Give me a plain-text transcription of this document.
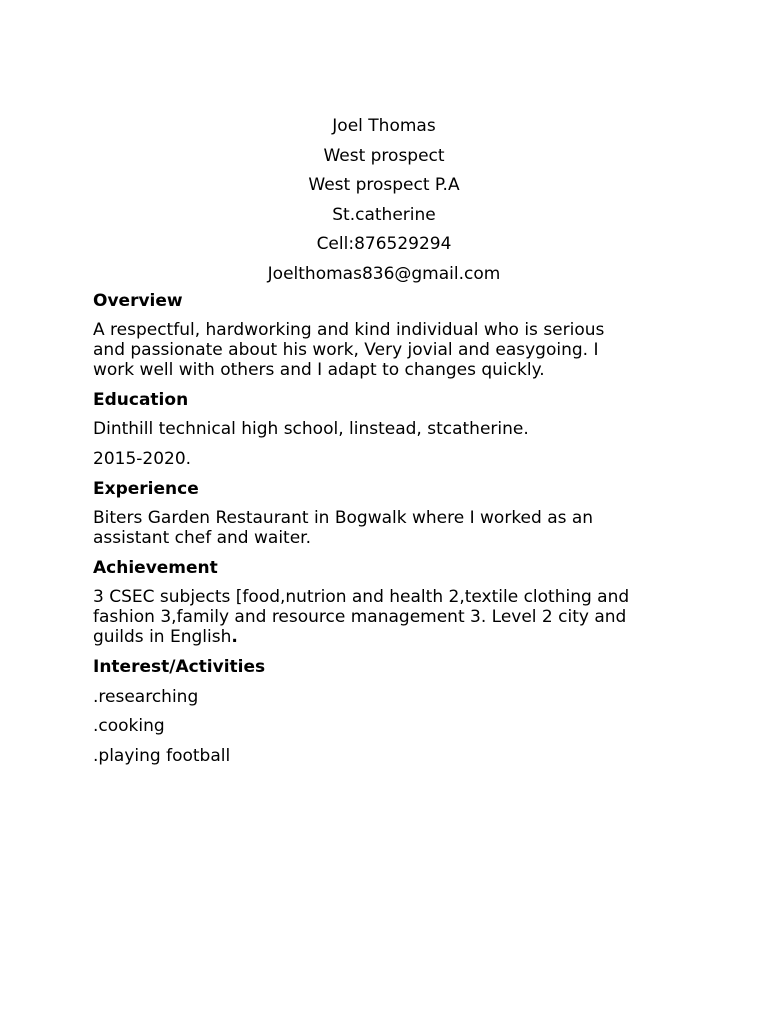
Joel Thomas

West prospect

West prospect P.A

St.catherine

Cell:876529294

Joelthomas836@gmail.com

Overview

A respectful, hardworking and kind individual who is serious
and passionate about his work, Very jovial and easygoing. I
work well with others and I adapt to changes quickly.

Education

Dinthill technical high school, linstead, stcatherine.

2015-2020.

Experience

Biters Garden Restaurant in Bogwalk where I worked as an
assistant chef and waiter.

Achievement

3 CSEC subjects [food,nutrion and health 2,textile clothing and
fashion 3,family and resource management 3. Level 2 city and
guilds in English.

Interest/Activities

.researching

.cooking

.playing football
